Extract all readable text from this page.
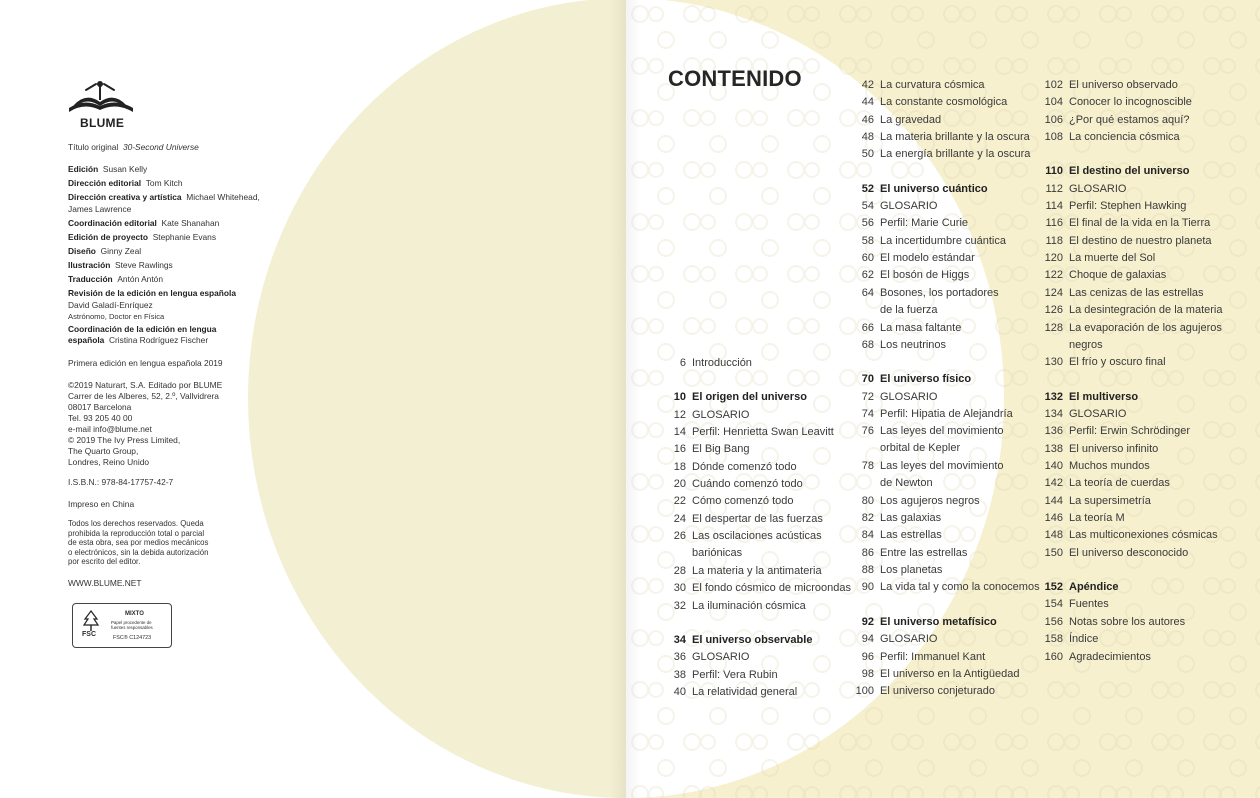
BLUME
Título original 30-Second Universe
Edición  Susan Kelly
Dirección editorial  Tom Kitch
Dirección creativa y artística  Michael Whitehead,
James Lawrence
Coordinación editorial  Kate Shanahan
Edición de proyecto  Stephanie Evans
Diseño  Ginny Zeal
Ilustración  Steve Rawlings
Traducción  Antón Antón
Revisión de la edición en lengua española
David Galadí-Enríquez
Astrónomo, Doctor en Física
Coordinación de la edición en lengua
española  Cristina Rodríguez Fischer
Primera edición en lengua española 2019
©2019 Naturart, S.A. Editado por BLUME
Carrer de les Alberes, 52, 2.º, Vallvidrera
08017 Barcelona
Tel. 93 205 40 00
e-mail info@blume.net
© 2019 The Ivy Press Limited,
The Quarto Group,
Londres, Reino Unido
I.S.B.N.: 978-84-17757-42-7
Impreso en China
Todos los derechos reservados. Queda
prohibida la reproducción total o parcial
de esta obra, sea por medios mecánicos
o electrónicos, sin la debida autorización
por escrito del editor.
WWW.BLUME.NET
FSC
MIXTO
Papel procedente de fuentes responsables
FSC® C124723
CONTENIDO
6 Introducción
10 El origen del universo
12 GLOSARIO
14 Perfil: Henrietta Swan Leavitt
16 El Big Bang
18 Dónde comenzó todo
20 Cuándo comenzó todo
22 Cómo comenzó todo
24 El despertar de las fuerzas
26 Las oscilaciones acústicas
bariónicas
28 La materia y la antimateria
30 El fondo cósmico de microondas
32 La iluminación cósmica
34 El universo observable
36 GLOSARIO
38 Perfil: Vera Rubin
40 La relatividad general
42 La curvatura cósmica
44 La constante cosmológica
46 La gravedad
48 La materia brillante y la oscura
50 La energía brillante y la oscura
52 El universo cuántico
54 GLOSARIO
56 Perfil: Marie Curie
58 La incertidumbre cuántica
60 El modelo estándar
62 El bosón de Higgs
64 Bosones, los portadores
de la fuerza
66 La masa faltante
68 Los neutrinos
70 El universo físico
72 GLOSARIO
74 Perfil: Hipatia de Alejandría
76 Las leyes del movimiento
orbital de Kepler
78 Las leyes del movimiento
de Newton
80 Los agujeros negros
82 Las galaxias
84 Las estrellas
86 Entre las estrellas
88 Los planetas
90 La vida tal y como la conocemos
92 El universo metafísico
94 GLOSARIO
96 Perfil: Immanuel Kant
98 El universo en la Antigüedad
100 El universo conjeturado
102 El universo observado
104 Conocer lo incognoscible
106 ¿Por qué estamos aquí?
108 La conciencia cósmica
110 El destino del universo
112 GLOSARIO
114 Perfil: Stephen Hawking
116 El final de la vida en la Tierra
118 El destino de nuestro planeta
120 La muerte del Sol
122 Choque de galaxias
124 Las cenizas de las estrellas
126 La desintegración de la materia
128 La evaporación de los agujeros
negros
130 El frío y oscuro final
132 El multiverso
134 GLOSARIO
136 Perfil: Erwin Schrödinger
138 El universo infinito
140 Muchos mundos
142 La teoría de cuerdas
144 La supersimetría
146 La teoría M
148 Las multiconexiones cósmicas
150 El universo desconocido
152 Apéndice
154 Fuentes
156 Notas sobre los autores
158 Índice
160 Agradecimientos
